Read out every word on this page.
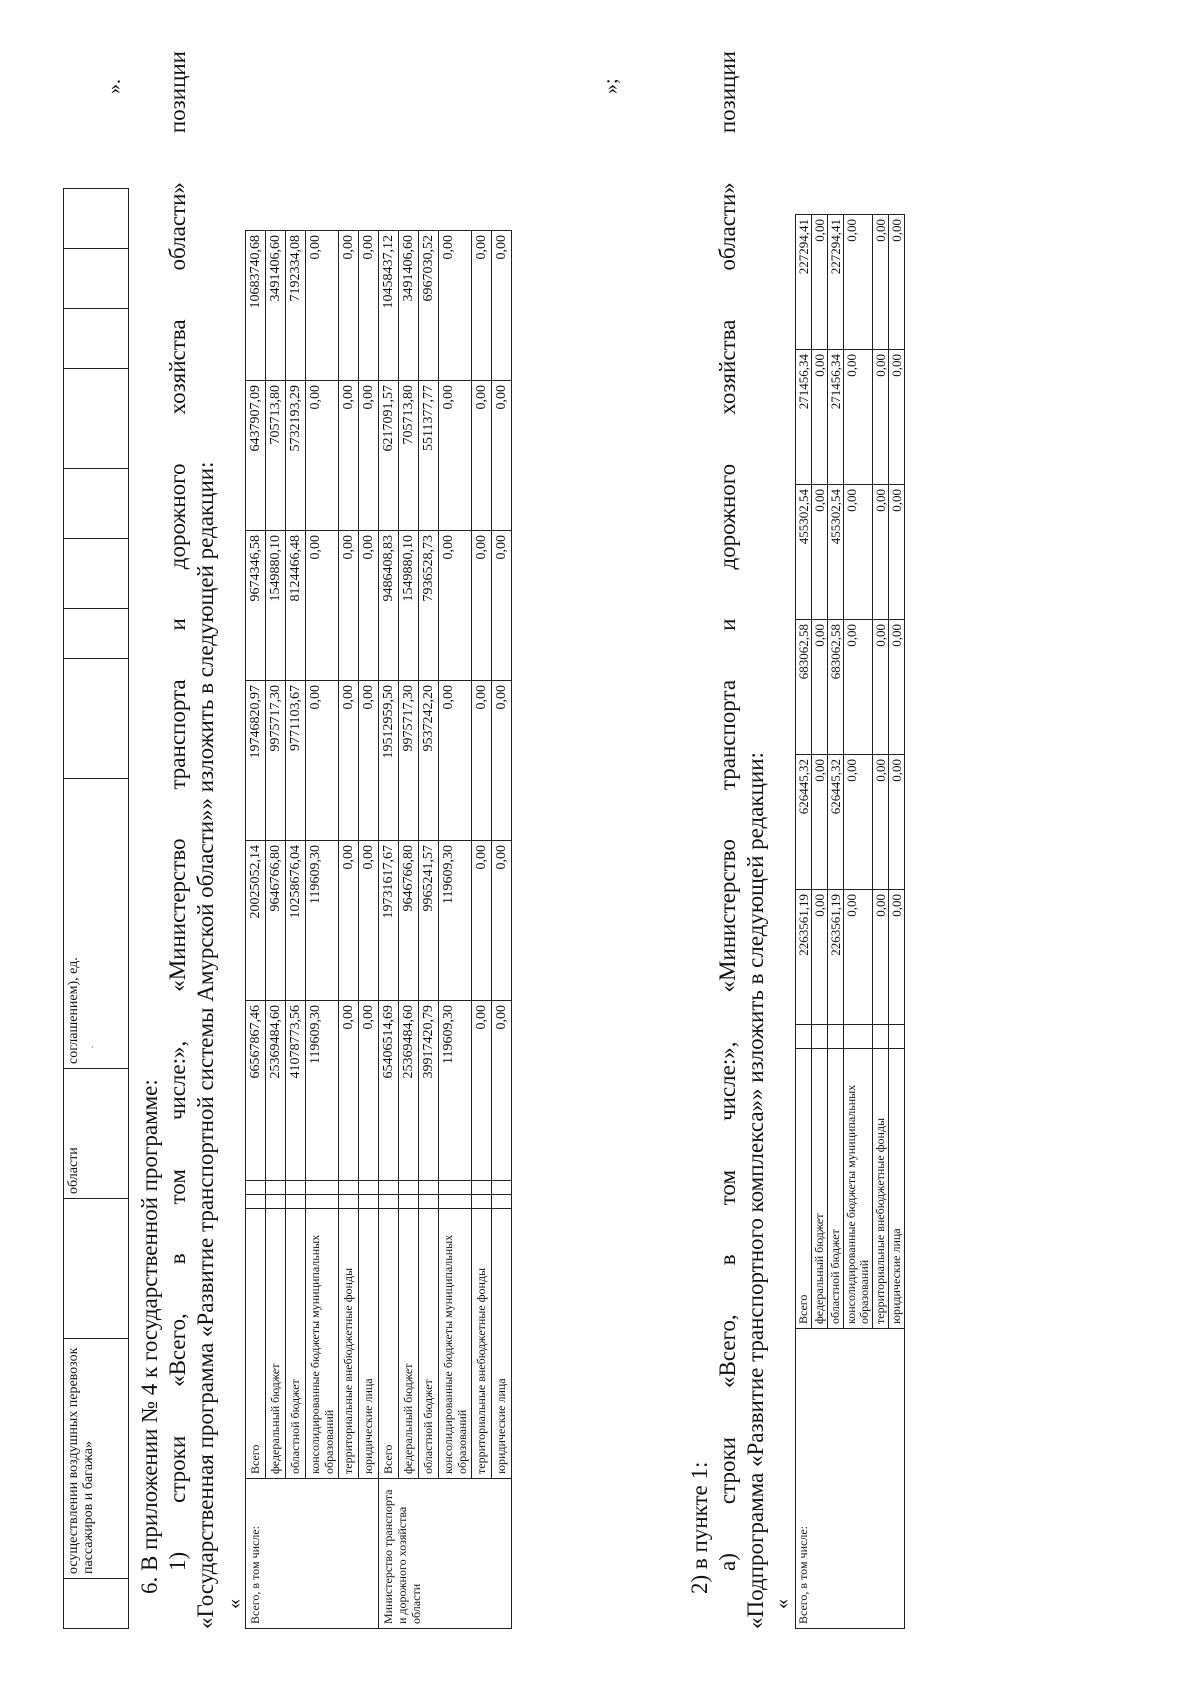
	осуществлении воздушных перевозок пассажиров и багажа»		области	соглашением), ед.								
».
6. В приложении № 4 к государственной программе: 1) строки «Всего, в том числе:», «Министерство транспорта и дорожного хозяйства области» позиции «Государственная программа «Развитие транспортной системы Амурской области»» изложить в следующей редакции: « Всего, в том числе:	Всего			66567867,46	20025052,14	19746820,97	9674346,58	6437907,09	10683740,68
	федеральный бюджет			25369484,60	9646766,80	9975717,30	1549880,10	705713,80	3491406,60
	областной бюджет			41078773,56	10258676,04	9771103,67	8124466,48	5732193,29	7192334,08
	консолидированные бюджеты муниципальных образований			119609,30	119609,30	0,00	0,00	0,00	0,00
	территориальные внебюджетные фонды			0,00	0,00	0,00	0,00	0,00	0,00
	юридические лица			0,00	0,00	0,00	0,00	0,00	0,00
Министерство транспорта и дорожного хозяйства области	Всего			65406514,69	19731617,67	19512959,50	9486408,83	6217091,57	10458437,12
	федеральный бюджет			25369484,60	9646766,80	9975717,30	1549880,10	705713,80	3491406,60
	областной бюджет			39917420,79	9965241,57	9537242,20	7936528,73	5511377,77	6967030,52
	консолидированные бюджеты муниципальных образований			119609,30	119609,30	0,00	0,00	0,00	0,00
	территориальные внебюджетные фонды			0,00	0,00	0,00	0,00	0,00	0,00
	юридические лица			0,00	0,00	0,00	0,00	0,00	0,00
»;
2) в пункте 1: а) строки «Всего, в том числе:», «Министерство транспорта и дорожного хозяйства области» позиции «Подпрограмма «Развитие транспортного комплекса»» изложить в следующей редакции: « Всего, в том числе:	Всего		2263561,19	626445,32	683062,58	455302,54	271456,34	227294,41
	федеральный бюджет		0,00	0,00	0,00	0,00	0,00	0,00
	областной бюджет		2263561,19	626445,32	683062,58	455302,54	271456,34	227294,41
	консолидированные бюджеты муниципальных образований		0,00	0,00	0,00	0,00	0,00	0,00
	территориальные внебюджетные фонды		0,00	0,00	0,00	0,00	0,00	0,00
	юридические лица		0,00	0,00	0,00	0,00	0,00	0,00
·
